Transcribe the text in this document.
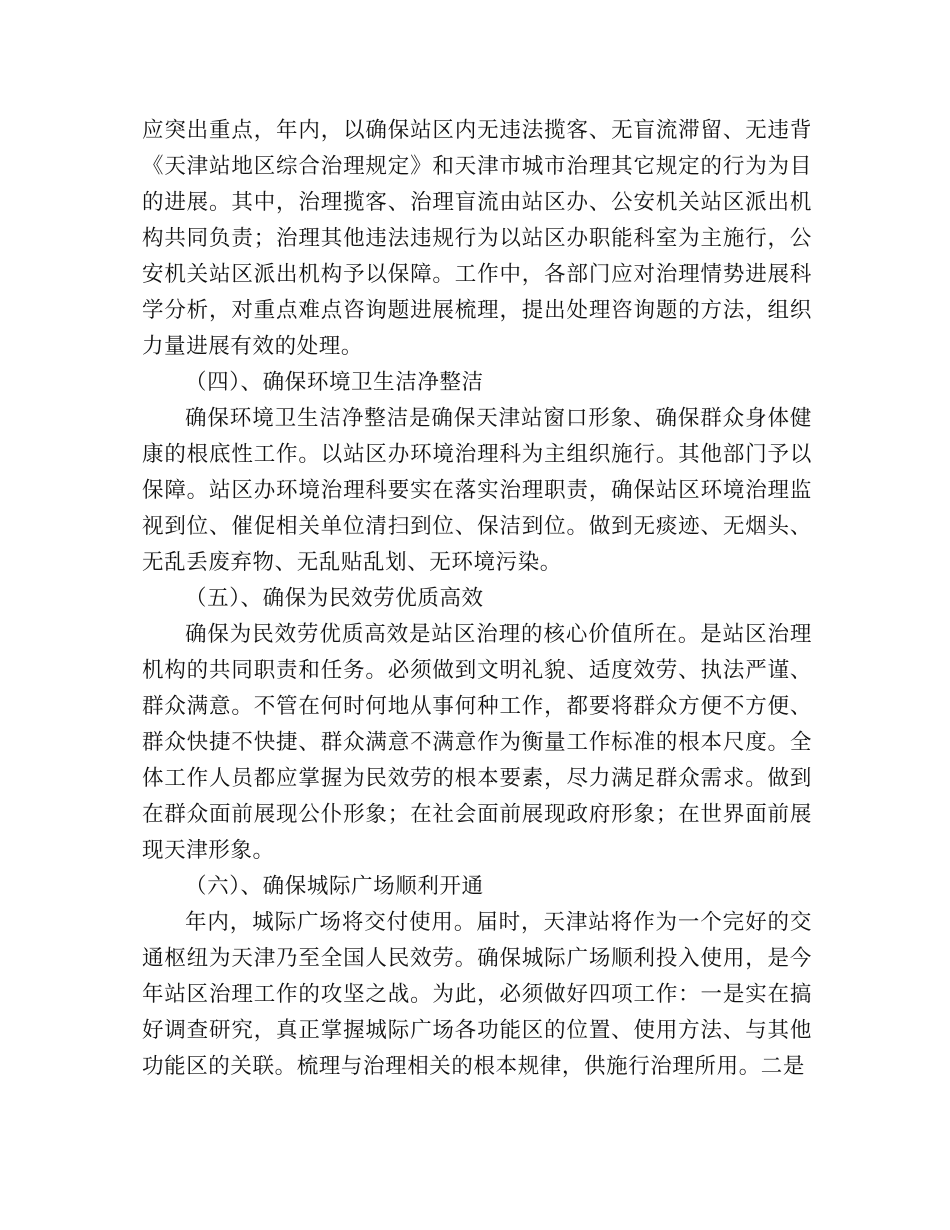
应突出重点，年内，以确保站区内无违法揽客、无盲流滞留、无违背《天津站地区综合治理规定》和天津市城市治理其它规定的行为为目的进展。其中，治理揽客、治理盲流由站区办、公安机关站区派出机构共同负责；治理其他违法违规行为以站区办职能科室为主施行，公安机关站区派出机构予以保障。工作中，各部门应对治理情势进展科学分析，对重点难点咨询题进展梳理，提出处理咨询题的方法，组织力量进展有效的处理。

（四）、确保环境卫生洁净整洁

确保环境卫生洁净整洁是确保天津站窗口形象、确保群众身体健康的根底性工作。以站区办环境治理科为主组织施行。其他部门予以保障。站区办环境治理科要实在落实治理职责，确保站区环境治理监视到位、催促相关单位清扫到位、保洁到位。做到无痰迹、无烟头、无乱丢废弃物、无乱贴乱划、无环境污染。

（五）、确保为民效劳优质高效

确保为民效劳优质高效是站区治理的核心价值所在。是站区治理机构的共同职责和任务。必须做到文明礼貌、适度效劳、执法严谨、群众满意。不管在何时何地从事何种工作，都要将群众方便不方便、群众快捷不快捷、群众满意不满意作为衡量工作标准的根本尺度。全体工作人员都应掌握为民效劳的根本要素，尽力满足群众需求。做到在群众面前展现公仆形象；在社会面前展现政府形象；在世界面前展现天津形象。

（六）、确保城际广场顺利开通

年内，城际广场将交付使用。届时，天津站将作为一个完好的交通枢纽为天津乃至全国人民效劳。确保城际广场顺利投入使用，是今年站区治理工作的攻坚之战。为此，必须做好四项工作：一是实在搞好调查研究，真正掌握城际广场各功能区的位置、使用方法、与其他功能区的关联。梳理与治理相关的根本规律，供施行治理所用。二是
